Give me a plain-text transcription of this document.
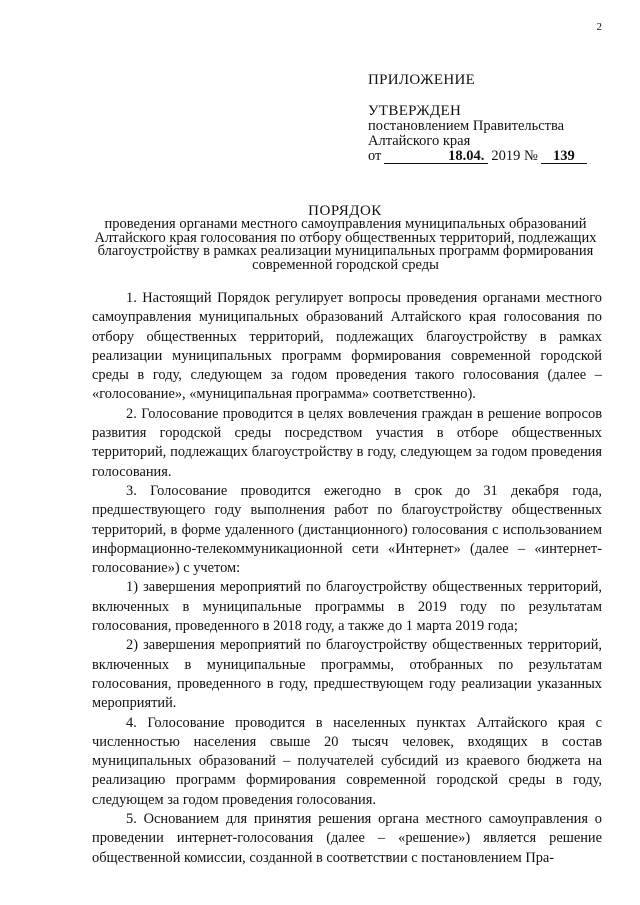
2
ПРИЛОЖЕНИЕ
УТВЕРЖДЕН
постановлением Правительства
Алтайского края
от	18.04. 2019 №	139
ПОРЯДОК
проведения органами местного самоуправления муниципальных образований Алтайского края голосования по отбору общественных территорий, подлежащих благоустройству в рамках реализации муниципальных программ формирования современной городской среды

1. Настоящий Порядок регулирует вопросы проведения органами местного самоуправления муниципальных образований Алтайского края голосования по отбору общественных территорий, подлежащих благоустройству в рамках реализации муниципальных программ формирования современной городской среды в году, следующем за годом проведения такого голосования (далее – «голосование», «муниципальная программа» соответственно).

2. Голосование проводится в целях вовлечения граждан в решение вопросов развития городской среды посредством участия в отборе общественных территорий, подлежащих благоустройству в году, следующем за годом проведения голосования.

3. Голосование проводится ежегодно в срок до 31 декабря года, предшествующего году выполнения работ по благоустройству общественных территорий, в форме удаленного (дистанционного) голосования с использованием информационно-телекоммуникационной сети «Интернет» (далее – «интернет-голосование») с учетом:

1) завершения мероприятий по благоустройству общественных территорий, включенных в муниципальные программы в 2019 году по результатам голосования, проведенного в 2018 году, а также до 1 марта 2019 года;

2) завершения мероприятий по благоустройству общественных территорий, включенных в муниципальные программы, отобранных по результатам голосования, проведенного в году, предшествующем году реализации указанных мероприятий.

4. Голосование проводится в населенных пунктах Алтайского края с численностью населения свыше 20 тысяч человек, входящих в состав муниципальных образований – получателей субсидий из краевого бюджета на реализацию программ формирования современной городской среды в году, следующем за годом проведения голосования.

5. Основанием для принятия решения органа местного самоуправления о проведении интернет-голосования (далее – «решение») является решение общественной комиссии, созданной в соответствии с постановлением Пра-
